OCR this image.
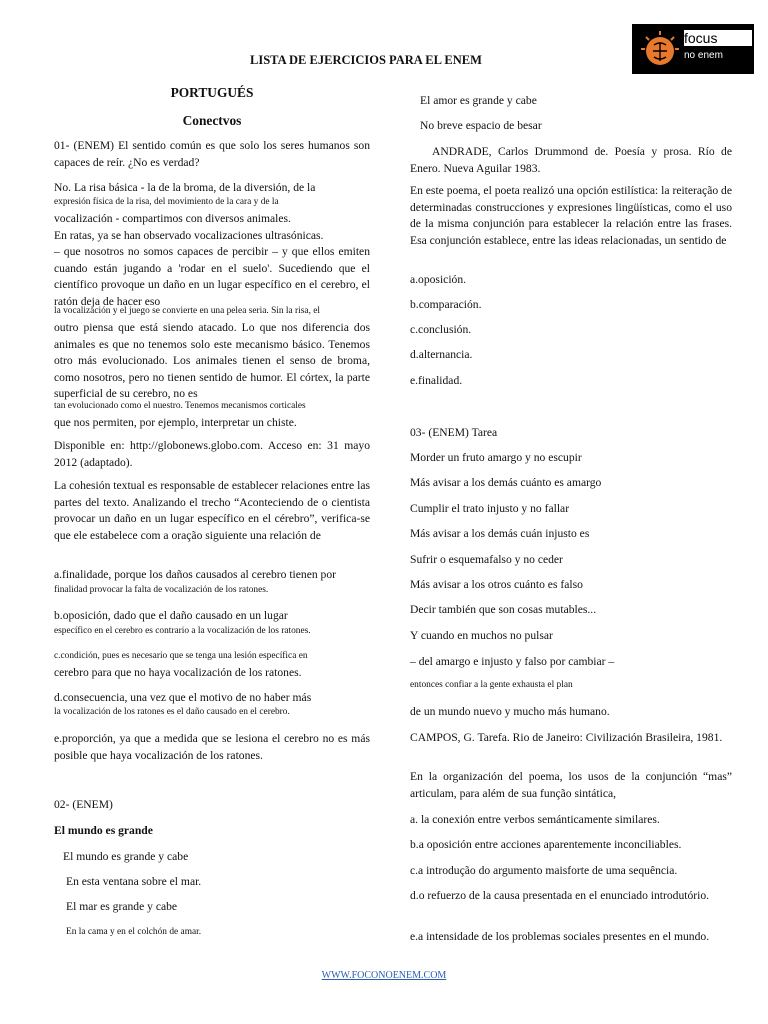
LISTA DE EJERCICIOS PARA EL ENEM
focus
no enem
PORTUGUÉS
Conectvos
01- (ENEM) El sentido común es que solo los seres humanos son capaces de reír. ¿No es verdad?
No. La risa básica - la de la broma, de la diversión, de la
expresión física de la risa, del movimiento de la cara y de la
vocalización - compartimos con diversos animales.
En ratas, ya se han observado vocalizaciones ultrasónicas.
– que nosotros no somos capaces de percibir – y que ellos emiten cuando están jugando a 'rodar en el suelo'. Sucediendo que el científico provoque un daño en un lugar específico en el cerebro, el ratón deja de hacer eso
la vocalización y el juego se convierte en una pelea seria. Sin la risa, el
outro piensa que está siendo atacado. Lo que nos diferencia dos animales es que no tenemos solo este mecanismo básico. Tenemos otro más evolucionado. Los animales tienen el senso de broma, como nosotros, pero no tienen sentido de humor. El córtex, la parte superficial de su cerebro, no es
tan evolucionado como el nuestro. Tenemos mecanismos corticales
que nos permiten, por ejemplo, interpretar un chiste.
Disponible en: http://globonews.globo.com. Acceso en: 31 mayo 2012 (adaptado).
La cohesión textual es responsable de establecer relaciones entre las partes del texto. Analizando el trecho “Aconteciendo de o cientista provocar un daño en un lugar específico en el cérebro”, verifica-se que ele estabelece com a oração siguiente una relación de
a.finalidade, porque los daños causados al cerebro tienen por
finalidad provocar la falta de vocalización de los ratones.
b.oposición, dado que el daño causado en un lugar
específico en el cerebro es contrario a la vocalización de los ratones.
c.condición, pues es necesario que se tenga una lesión específica en
cerebro para que no haya vocalización de los ratones.
d.consecuencia, una vez que el motivo de no haber más
la vocalización de los ratones es el daño causado en el cerebro.
e.proporción, ya que a medida que se lesiona el cerebro no es más posible que haya vocalización de los ratones.
02- (ENEM)
El mundo es grande
El mundo es grande y cabe
En esta ventana sobre el mar.
El mar es grande y cabe
En la cama y en el colchón de amar.
El amor es grande y cabe
No breve espacio de besar
ANDRADE, Carlos Drummond de. Poesía y prosa. Río de Enero. Nueva Aguilar 1983.
En este poema, el poeta realizó una opción estilística: la reiteração de determinadas construcciones y expresiones lingüísticas, como el uso de la misma conjunción para establecer la relación entre las frases. Esa conjunción establece, entre las ideas relacionadas, un sentido de
a.oposición.
b.comparación.
c.conclusión.
d.alternancia.
e.finalidad.
03- (ENEM) Tarea
Morder un fruto amargo y no escupir
Más avisar a los demás cuánto es amargo
Cumplir el trato injusto y no fallar
Más avisar a los demás cuán injusto es
Sufrir o esquemafalso y no ceder
Más avisar a los otros cuánto es falso
Decir también que son cosas mutables...
Y cuando en muchos no pulsar
– del amargo e injusto y falso por cambiar –
entonces confiar a la gente exhausta el plan
de un mundo nuevo y mucho más humano.
CAMPOS, G. Tarefa. Rio de Janeiro: Civilización Brasileira, 1981.
En la organización del poema, los usos de la conjunción “mas” articulam, para além de sua função sintática,
a. la conexión entre verbos semánticamente similares.
b.a oposición entre acciones aparentemente inconciliables.
c.a introdução do argumento maisforte de uma sequência.
d.o refuerzo de la causa presentada en el enunciado introdutório.
e.a intensidade de los problemas sociales presentes en el mundo.
WWW.FOCONOENEM.COM
